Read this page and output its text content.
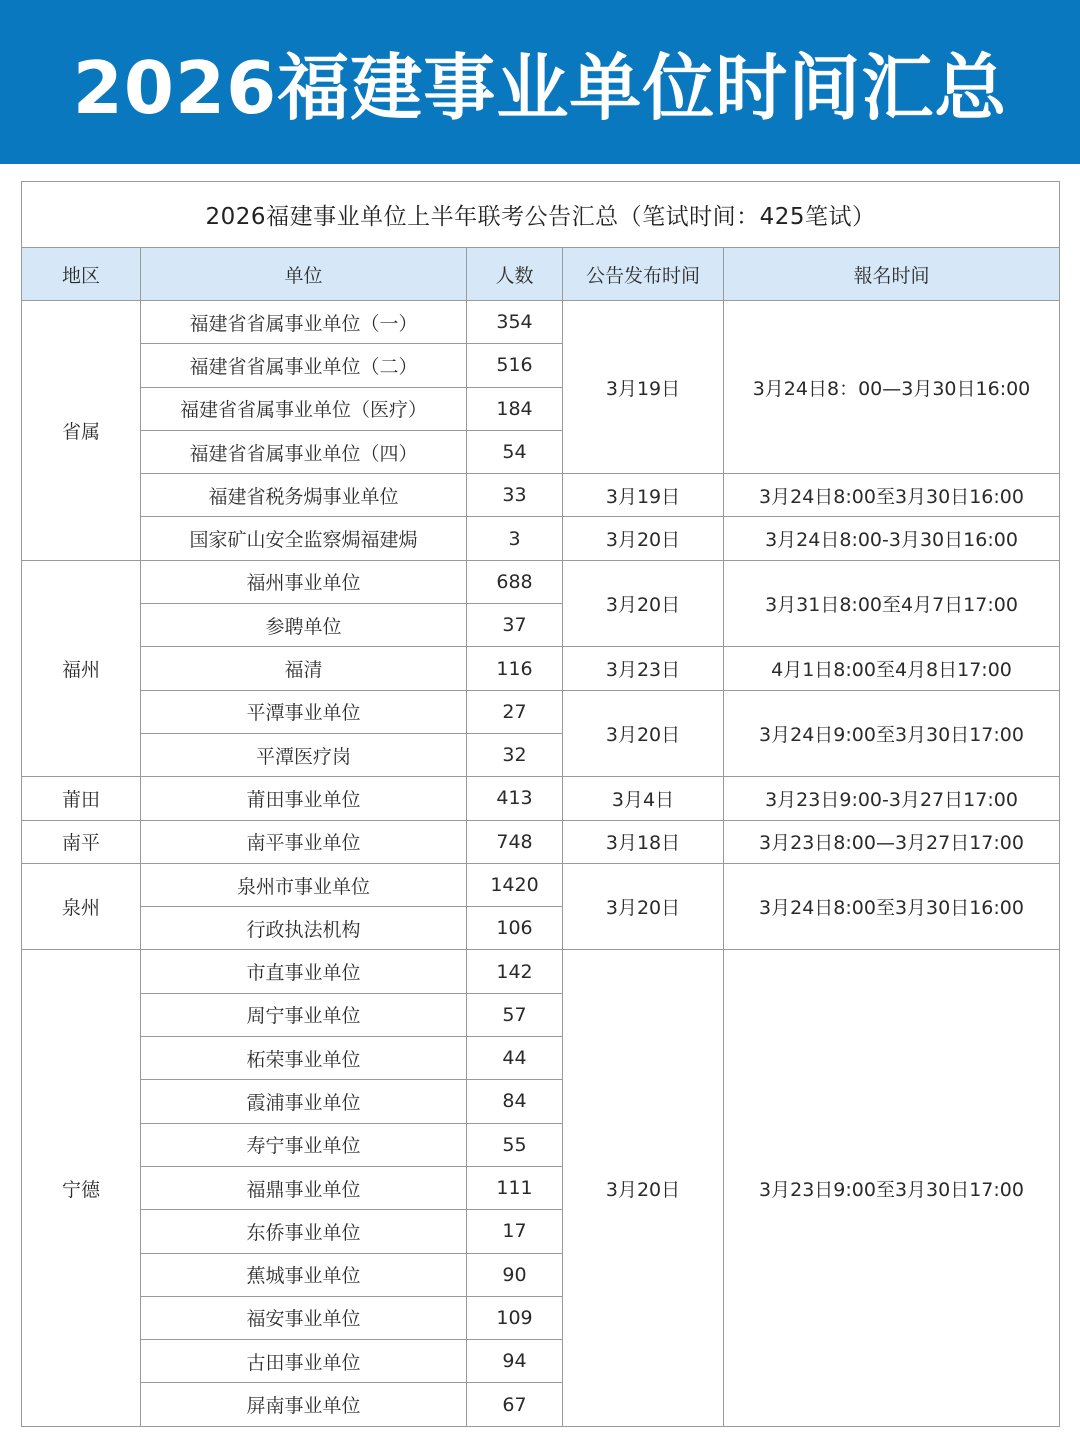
2026福建事业单位时间汇总
2026福建事业单位上半年联考公告汇总（笔试时间：425笔试）				
地区	单位	人数	公告发布时间	報名时间
省属	福建省省属事业单位（一）	354	3月19日	3月24日8：00—3月30日16:00
	福建省省属事业单位（二）	516		
	福建省省属事业单位（医疗）	184		
	福建省省属事业单位（四）	54		
	福建省税务焗事业单位	33	3月19日	3月24日8:00至3月30日16:00
	国家矿山安全监察焗福建焗	3	3月20日	3月24日8:00-3月30日16:00
福州	福州事业单位	688	3月20日	3月31日8:00至4月7日17:00
	参聘单位	37		
	福清	116	3月23日	4月1日8:00至4月8日17:00
	平潭事业单位	27	3月20日	3月24日9:00至3月30日17:00
	平潭医疗岗	32		
莆田	莆田事业单位	413	3月4日	3月23日9:00-3月27日17:00
南平	南平事业单位	748	3月18日	3月23日8:00—3月27日17:00
泉州	泉州市事业单位	1420	3月20日	3月24日8:00至3月30日16:00
	行政执法机构	106		
宁德	市直事业单位	142	3月20日	3月23日9:00至3月30日17:00
	周宁事业单位	57		
	柘荣事业单位	44		
	霞浦事业单位	84		
	寿宁事业单位	55		
	福鼎事业单位	111		
	东侨事业单位	17		
	蕉城事业单位	90		
	福安事业单位	109		
	古田事业单位	94		
	屏南事业单位	67		
